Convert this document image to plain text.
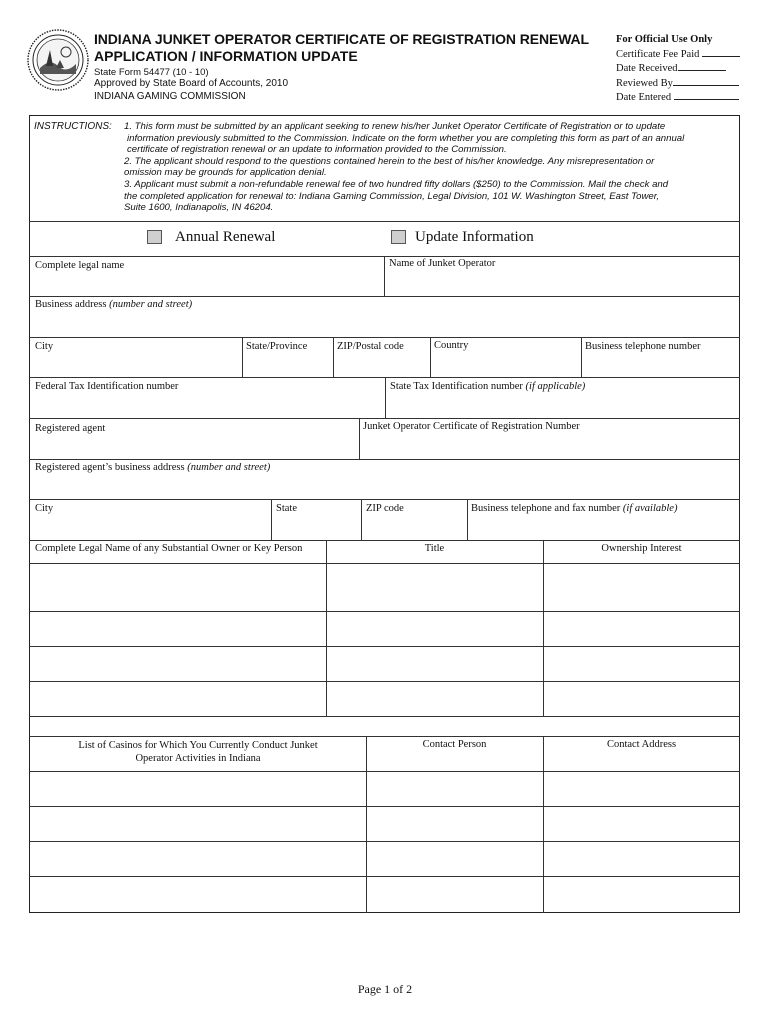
INDIANA JUNKET OPERATOR CERTIFICATE OF REGISTRATION RENEWAL
APPLICATION / INFORMATION UPDATE
State Form 54477 (10 - 10)
Approved by State Board of Accounts, 2010
INDIANA GAMING COMMISSION
For Official Use Only
Certificate Fee Paid
Date Received
Reviewed By
Date Entered
INSTRUCTIONS: 1. This form must be submitted by an applicant seeking to renew his/her Junket Operator Certificate of Registration or to update

information previously submitted to the Commission. Indicate on the form whether you are completing this form as part of an annual

certificate of registration renewal or an update to information provided to the Commission.

2. The applicant should respond to the questions contained herein to the best of his/her knowledge. Any misrepresentation or

omission may be grounds for application denial.

3. Applicant must submit a non-refundable renewal fee of two hundred fifty dollars ($250) to the Commission. Mail the check and

the completed application for renewal to: Indiana Gaming Commission, Legal Division, 101 W. Washington Street, East Tower,

Suite 1600, Indianapolis, IN 46204.

Annual Renewal	Update Information
Complete legal name	Name of Junket Operator
Business address (number and street)
City	State/Province	ZIP/Postal code	Country	Business telephone number
Federal Tax Identification number	State Tax Identification number (if applicable)
Registered agent	Junket Operator Certificate of Registration Number
Registered agent’s business address (number and street)
City	State	ZIP code	Business telephone and fax number (if available)
Complete Legal Name of any Substantial Owner or Key Person	Title	Ownership Interest
List of Casinos for Which You Currently Conduct Junket
Operator Activities in Indiana
Contact Person	Contact Address
Page 1 of 2
